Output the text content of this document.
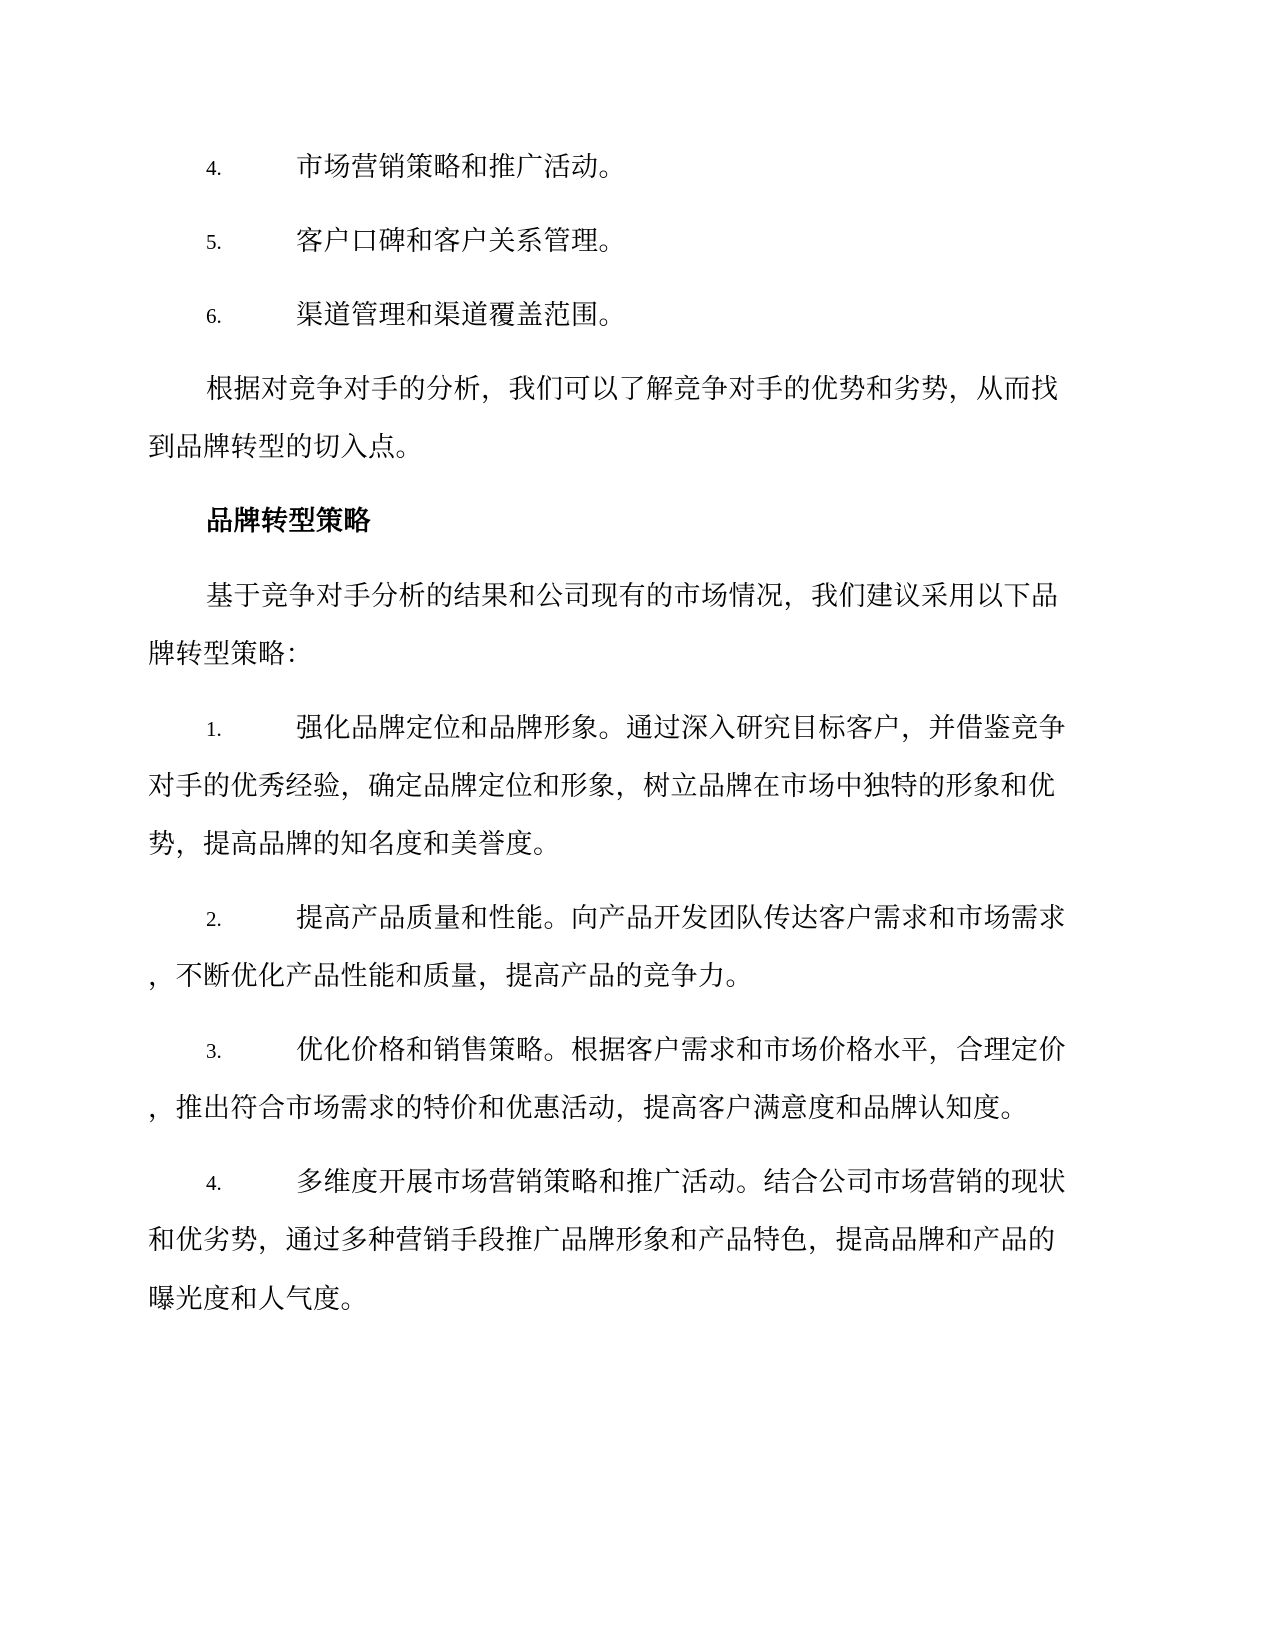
4.	市场营销策略和推广活动。
5.	客户口碑和客户关系管理。
6.	渠道管理和渠道覆盖范围。
根据对竞争对手的分析，我们可以了解竞争对手的优势和劣势，从而找
到品牌转型的切入点。
品牌转型策略
基于竞争对手分析的结果和公司现有的市场情况，我们建议采用以下品
牌转型策略：
1.	强化品牌定位和品牌形象。通过深入研究目标客户，并借鉴竞争
对手的优秀经验，确定品牌定位和形象，树立品牌在市场中独特的形象和优
势，提高品牌的知名度和美誉度。
2.	提高产品质量和性能。向产品开发团队传达客户需求和市场需求
，不断优化产品性能和质量，提高产品的竞争力。
3.	优化价格和销售策略。根据客户需求和市场价格水平，合理定价
，推出符合市场需求的特价和优惠活动，提高客户满意度和品牌认知度。
4.	多维度开展市场营销策略和推广活动。结合公司市场营销的现状
和优劣势，通过多种营销手段推广品牌形象和产品特色，提高品牌和产品的
曝光度和人气度。
